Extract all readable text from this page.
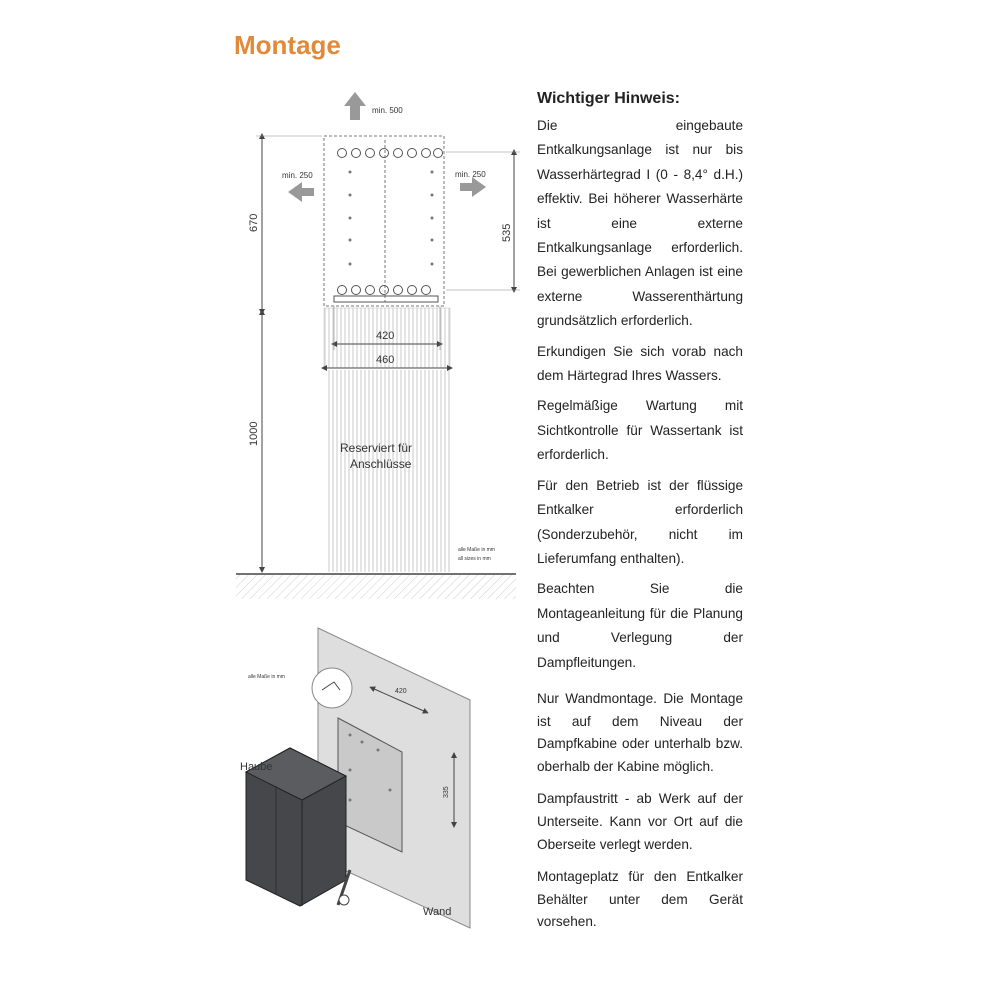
Montage
min. 500
min. 250	min. 250
670
535
420
460
Reserviert für
Anschlüsse
1000
alle Maße in mm
all sizes in mm
420
335
alle Maße in mm
Haube
Wand
Wichtiger Hinweis:

Die eingebaute Entkalkungsanlage ist nur bis Wasserhärtegrad I (0 - 8,4° d.H.) effektiv. Bei höherer Wasserhärte ist eine externe Entkalkungsanlage erforderlich. Bei gewerblichen Anlagen ist eine externe Wasserenthärtung grundsätzlich erforderlich.

Erkundigen Sie sich vorab nach dem Härtegrad Ihres Wassers.

Regelmäßige Wartung mit Sichtkontrolle für Wassertank ist erforderlich.

Für den Betrieb ist der flüssige Entkalker erforderlich (Sonderzubehör, nicht im Lieferumfang enthalten).

Beachten Sie die Montageanleitung für die Planung und Verlegung der Dampfleitungen.

Nur Wandmontage. Die Montage ist auf dem Niveau der Dampfkabine oder unterhalb bzw. oberhalb der Kabine möglich.

Dampfaustritt - ab Werk auf der Unterseite. Kann vor Ort auf die Oberseite verlegt werden.

Montageplatz für den Entkalker Behälter unter dem Gerät vorsehen.
